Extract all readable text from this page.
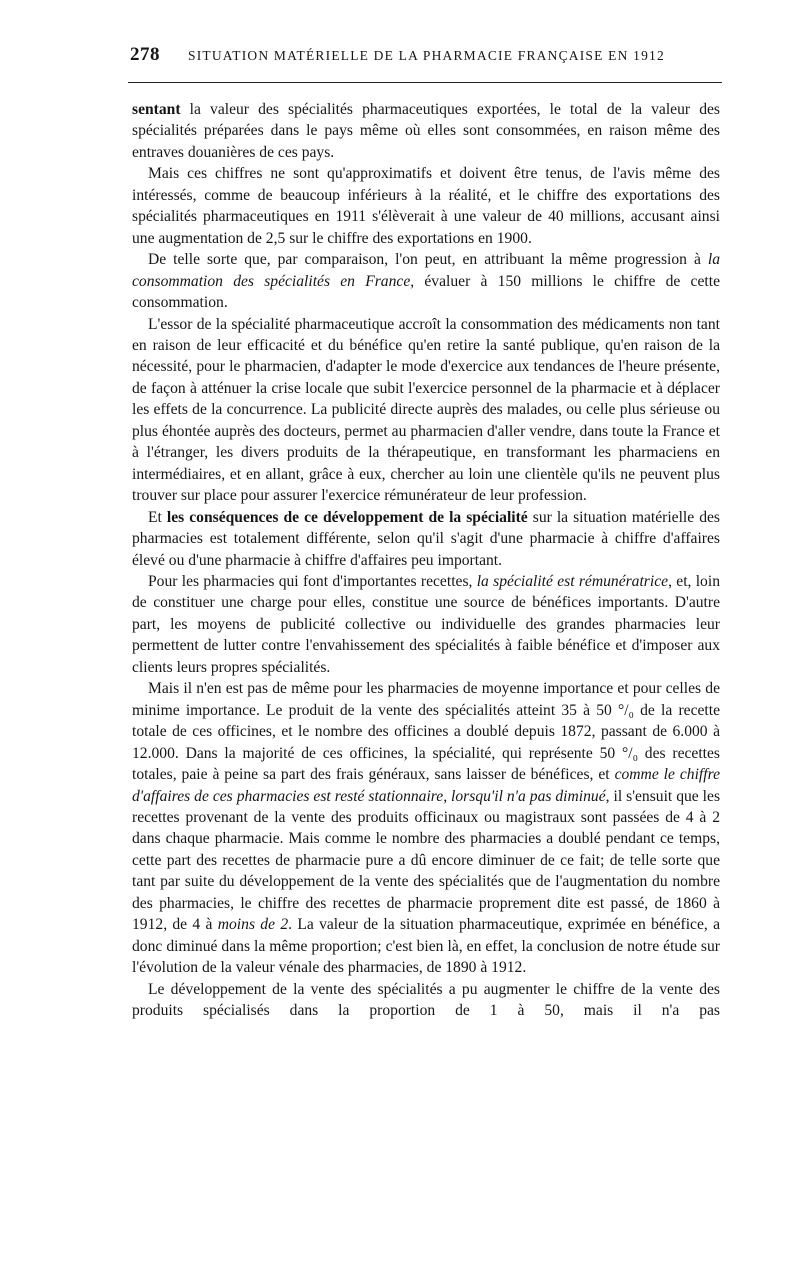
278 SITUATION MATÉRIELLE DE LA PHARMACIE FRANÇAISE EN 1912

sentant la valeur des spécialités pharmaceutiques exportées, le total de la valeur des spécialités préparées dans le pays même où elles sont consommées, en raison même des entraves douanières de ces pays.

Mais ces chiffres ne sont qu'approximatifs et doivent être tenus, de l'avis même des intéressés, comme de beaucoup inférieurs à la réalité, et le chiffre des exportations des spécialités pharmaceutiques en 1911 s'élèverait à une valeur de 40 millions, accusant ainsi une augmentation de 2,5 sur le chiffre des exportations en 1900.

De telle sorte que, par comparaison, l'on peut, en attribuant la même progression à la consommation des spécialités en France, évaluer à 150 millions le chiffre de cette consommation.

L'essor de la spécialité pharmaceutique accroît la consommation des médicaments non tant en raison de leur efficacité et du bénéfice qu'en retire la santé publique, qu'en raison de la nécessité, pour le pharmacien, d'adapter le mode d'exercice aux tendances de l'heure présente, de façon à atténuer la crise locale que subit l'exercice personnel de la pharmacie et à déplacer les effets de la concurrence. La publicité directe auprès des malades, ou celle plus sérieuse ou plus éhontée auprès des docteurs, permet au pharmacien d'aller vendre, dans toute la France et à l'étranger, les divers produits de la thérapeutique, en transformant les pharmaciens en intermédiaires, et en allant, grâce à eux, chercher au loin une clientèle qu'ils ne peuvent plus trouver sur place pour assurer l'exercice rémunérateur de leur profession.

Et les conséquences de ce développement de la spécialité sur la situation matérielle des pharmacies est totalement différente, selon qu'il s'agit d'une pharmacie à chiffre d'affaires élevé ou d'une pharmacie à chiffre d'affaires peu important.

Pour les pharmacies qui font d'importantes recettes, la spécialité est rémunératrice, et, loin de constituer une charge pour elles, constitue une source de bénéfices importants. D'autre part, les moyens de publicité collective ou individuelle des grandes pharmacies leur permettent de lutter contre l'envahissement des spécialités à faible bénéfice et d'imposer aux clients leurs propres spécialités.

Mais il n'en est pas de même pour les pharmacies de moyenne importance et pour celles de minime importance. Le produit de la vente des spécialités atteint 35 à 50 °/₀ de la recette totale de ces officines, et le nombre des officines a doublé depuis 1872, passant de 6.000 à 12.000. Dans la majorité de ces officines, la spécialité, qui représente 50 °/₀ des recettes totales, paie à peine sa part des frais généraux, sans laisser de bénéfices, et comme le chiffre d'affaires de ces pharmacies est resté stationnaire, lorsqu'il n'a pas diminué, il s'ensuit que les recettes provenant de la vente des produits officinaux ou magistraux sont passées de 4 à 2 dans chaque pharmacie. Mais comme le nombre des pharmacies a doublé pendant ce temps, cette part des recettes de pharmacie pure a dû encore diminuer de ce fait; de telle sorte que tant par suite du développement de la vente des spécialités que de l'augmentation du nombre des pharmacies, le chiffre des recettes de pharmacie proprement dite est passé, de 1860 à 1912, de 4 à moins de 2. La valeur de la situation pharmaceutique, exprimée en bénéfice, a donc diminué dans la même proportion; c'est bien là, en effet, la conclusion de notre étude sur l'évolution de la valeur vénale des pharmacies, de 1890 à 1912.

Le développement de la vente des spécialités a pu augmenter le chiffre de la vente des produits spécialisés dans la proportion de 1 à 50, mais il n'a pas
